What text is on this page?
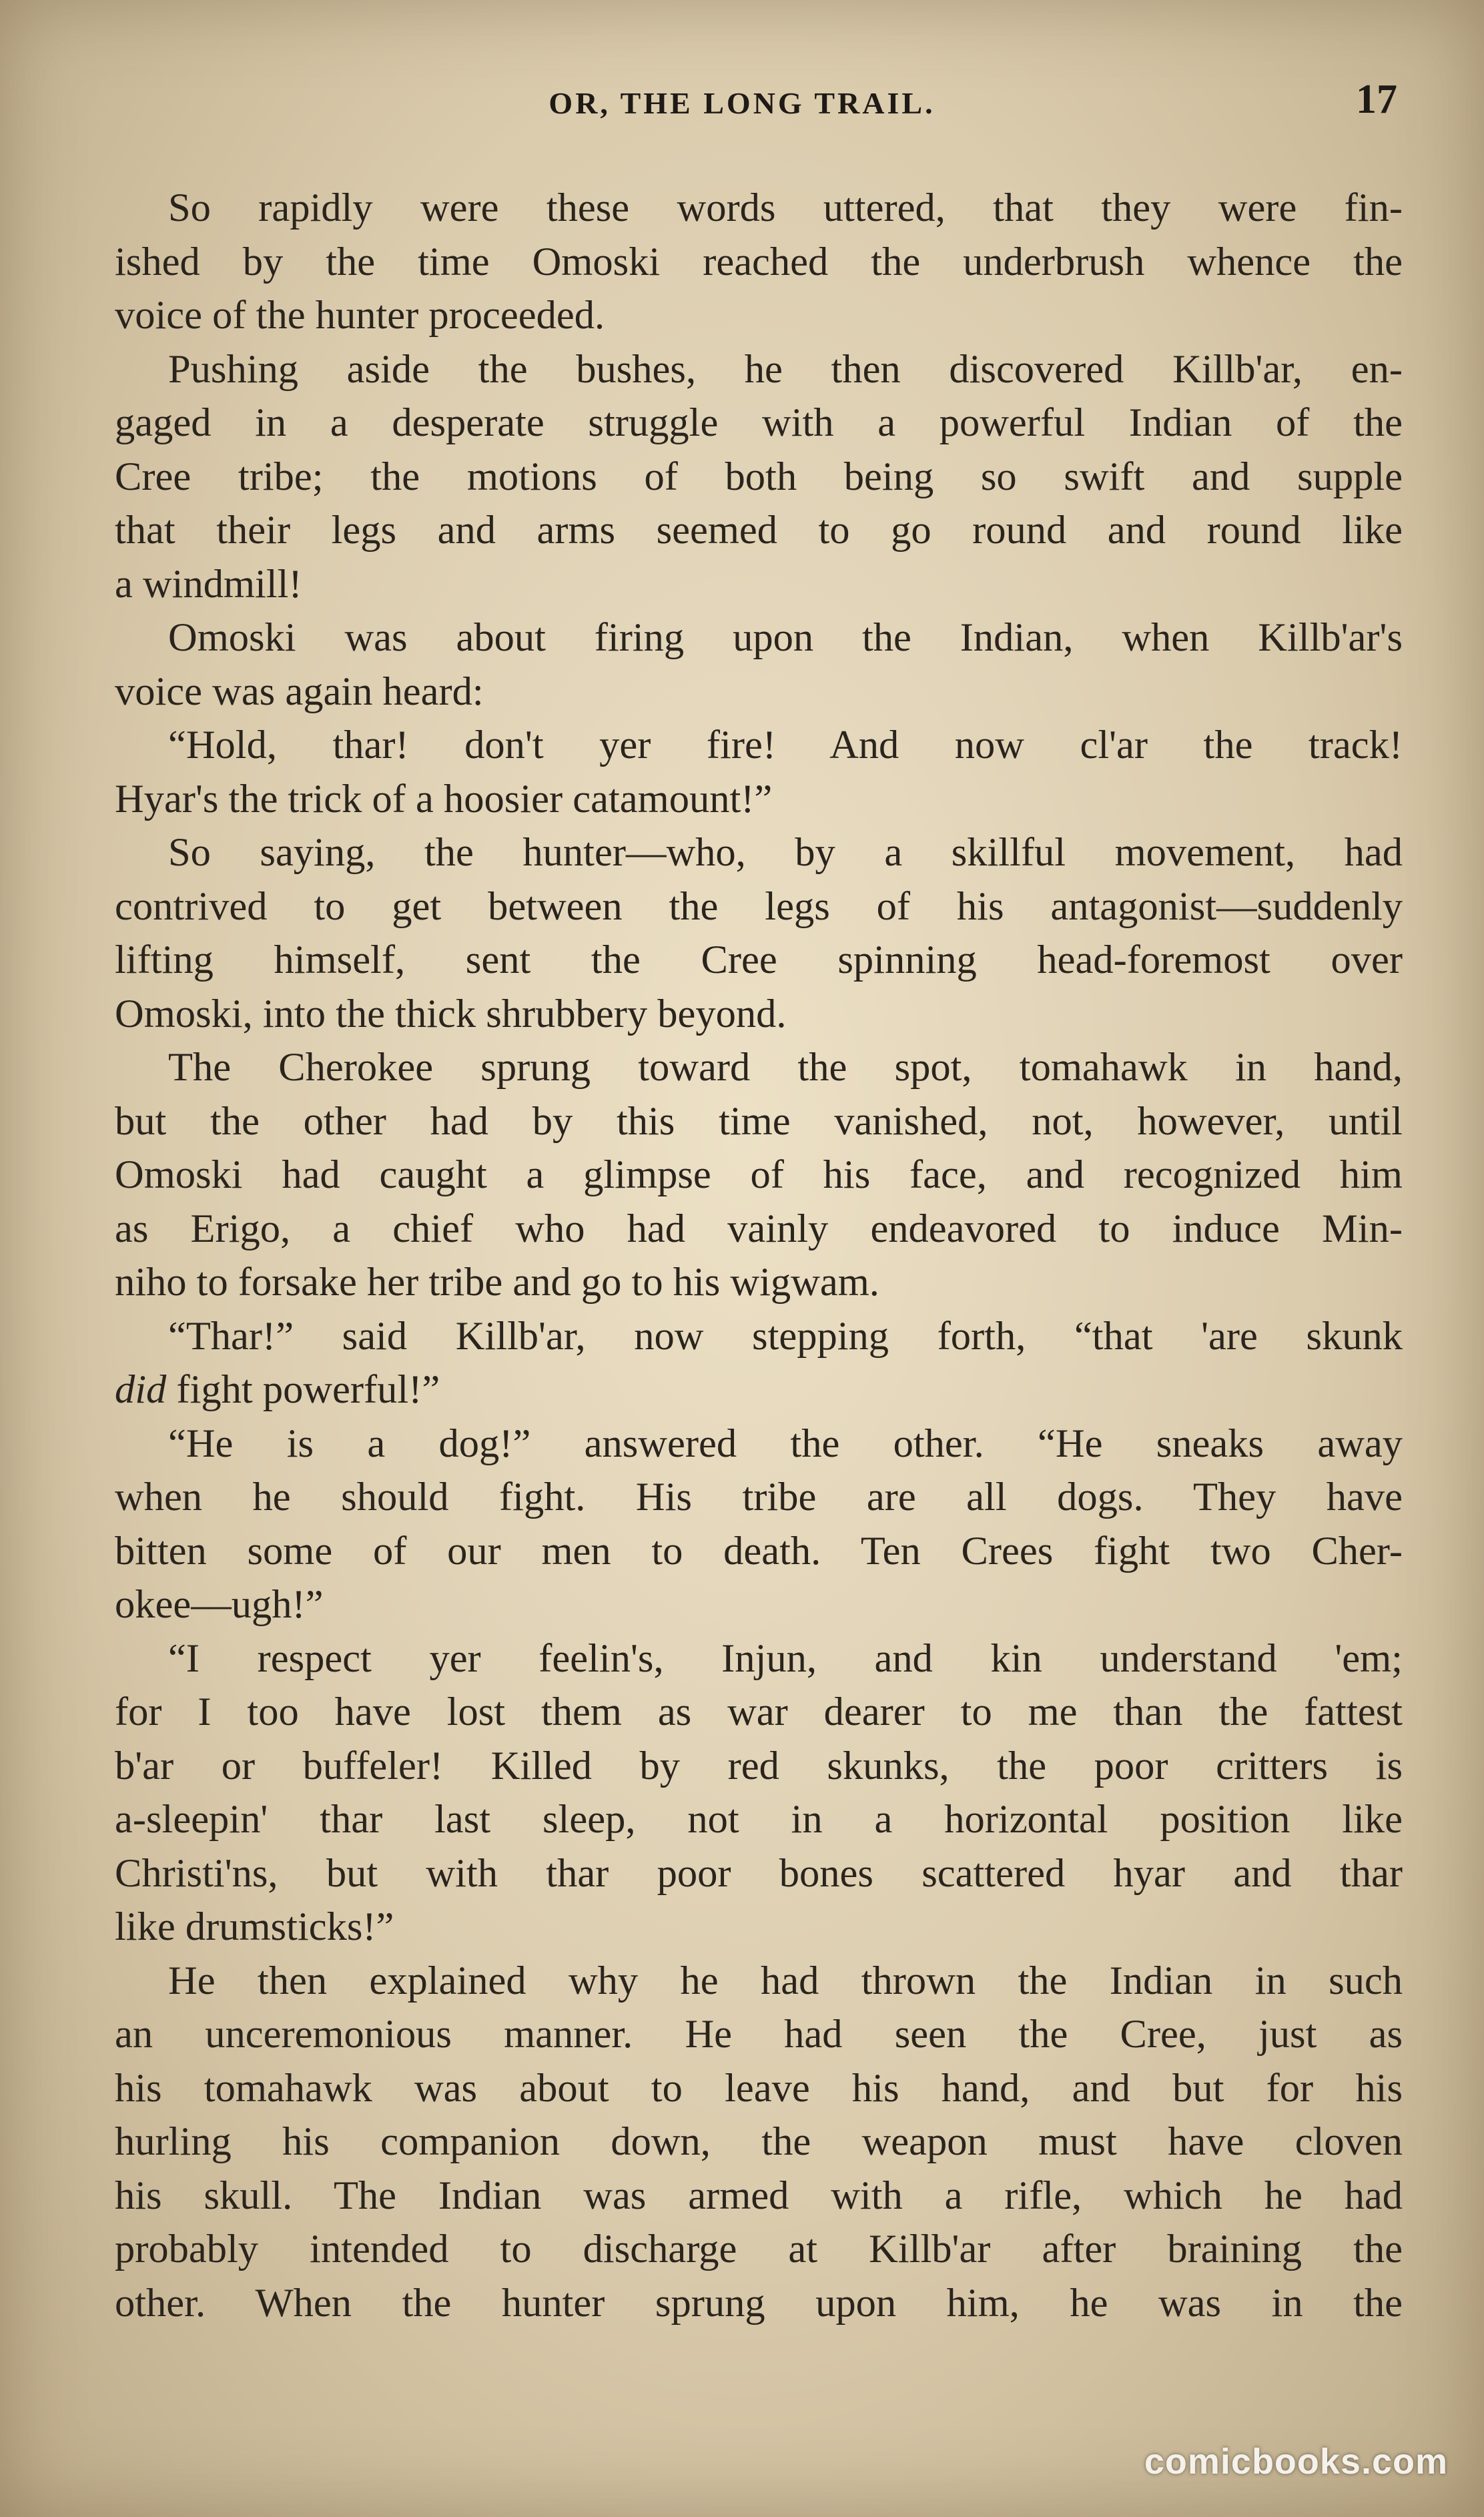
OR, THE LONG TRAIL.	17
So rapidly were these words uttered, that they were fin-
ished by the time Omoski reached the underbrush whence the
voice of the hunter proceeded.
Pushing aside the bushes, he then discovered Killb'ar, en-
gaged in a desperate struggle with a powerful Indian of the
Cree tribe; the motions of both being so swift and supple
that their legs and arms seemed to go round and round like
a windmill!
Omoski was about firing upon the Indian, when Killb'ar's
voice was again heard:
“Hold, thar! don't yer fire! And now cl'ar the track!
Hyar's the trick of a hoosier catamount!”
So saying, the hunter—who, by a skillful movement, had
contrived to get between the legs of his antagonist—suddenly
lifting himself, sent the Cree spinning head-foremost over
Omoski, into the thick shrubbery beyond.
The Cherokee sprung toward the spot, tomahawk in hand,
but the other had by this time vanished, not, however, until
Omoski had caught a glimpse of his face, and recognized him
as Erigo, a chief who had vainly endeavored to induce Min-
niho to forsake her tribe and go to his wigwam.
“Thar!” said Killb'ar, now stepping forth, “that 'are skunk
did fight powerful!”
“He is a dog!” answered the other. “He sneaks away
when he should fight. His tribe are all dogs. They have
bitten some of our men to death. Ten Crees fight two Cher-
okee—ugh!”
“I respect yer feelin's, Injun, and kin understand 'em;
for I too have lost them as war dearer to me than the fattest
b'ar or buffeler! Killed by red skunks, the poor critters is
a-sleepin' thar last sleep, not in a horizontal position like
Christi'ns, but with thar poor bones scattered hyar and thar
like drumsticks!”
He then explained why he had thrown the Indian in such
an unceremonious manner. He had seen the Cree, just as
his tomahawk was about to leave his hand, and but for his
hurling his companion down, the weapon must have cloven
his skull. The Indian was armed with a rifle, which he had
probably intended to discharge at Killb'ar after braining the
other. When the hunter sprung upon him, he was in the
comicbooks.com
